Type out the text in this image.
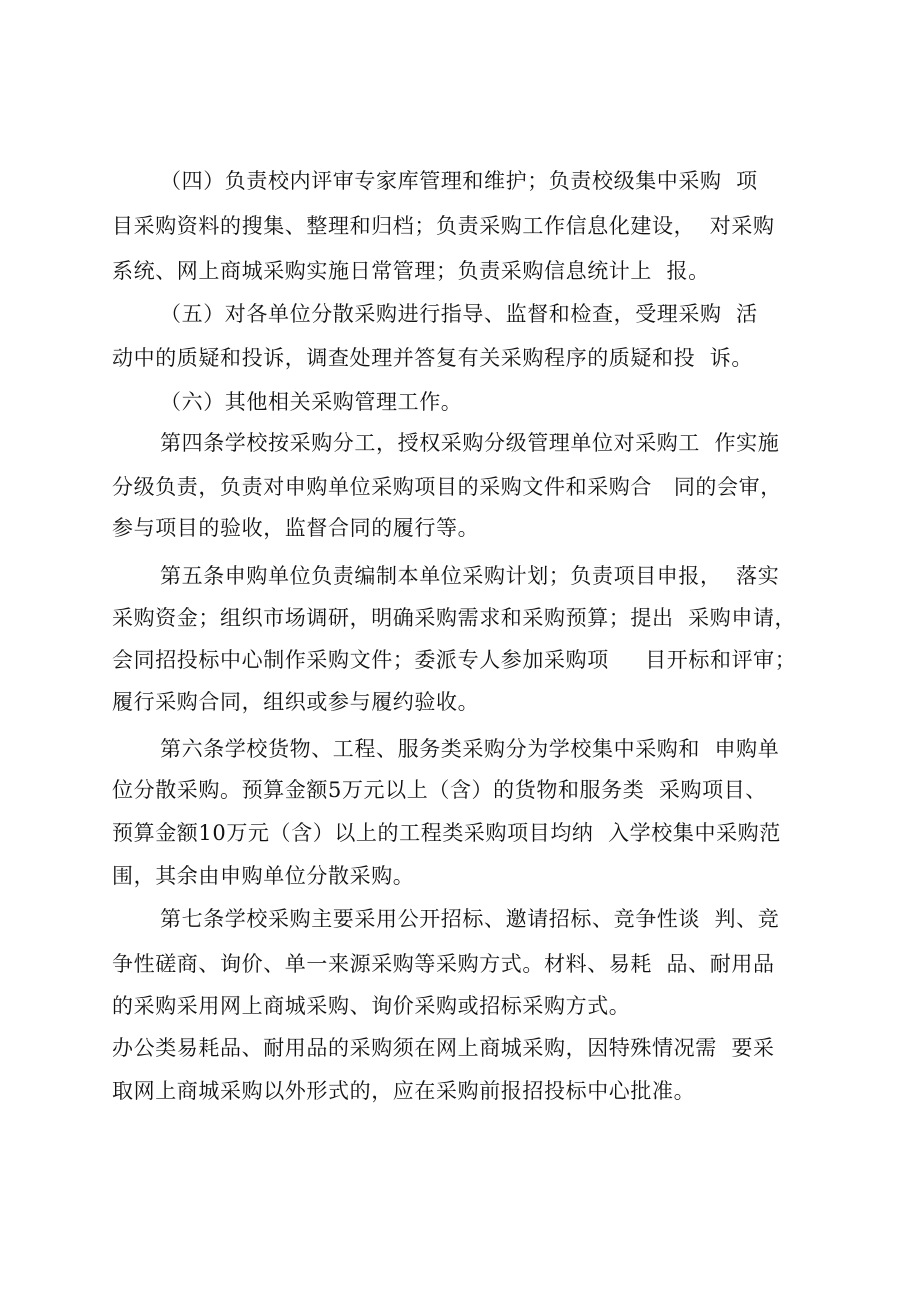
（四）负责校内评审专家库管理和维护；负责校级集中采购  项
目采购资料的搜集、整理和归档；负责采购工作信息化建设，  对采购
系统、网上商城采购实施日常管理；负责采购信息统计上  报。
（五）对各单位分散采购进行指导、监督和检查，受理采购  活
动中的质疑和投诉，调查处理并答复有关采购程序的质疑和投  诉。
（六）其他相关采购管理工作。
第四条学校按采购分工，授权采购分级管理单位对采购工  作实施
分级负责，负责对申购单位采购项目的采购文件和采购合   同的会审，
参与项目的验收，监督合同的履行等。
第五条申购单位负责编制本单位采购计划；负责项目申报，  落实
采购资金；组织市场调研，明确采购需求和采购预算；提出  采购申请，
会同招投标中心制作采购文件；委派专人参加采购项     目开标和评审；
履行采购合同，组织或参与履约验收。
第六条学校货物、工程、服务类采购分为学校集中采购和  申购单
位分散采购。预算金额5万元以上（含）的货物和服务类  采购项目、
预算金额10万元（含）以上的工程类采购项目均纳  入学校集中采购范
围，其余由申购单位分散采购。
第七条学校采购主要采用公开招标、邀请招标、竞争性谈  判、竞
争性磋商、询价、单一来源采购等采购方式。材料、易耗  品、耐用品
的采购采用网上商城采购、询价采购或招标采购方式。
办公类易耗品、耐用品的采购须在网上商城采购，因特殊情况需  要采
取网上商城采购以外形式的，应在采购前报招投标中心批准。
